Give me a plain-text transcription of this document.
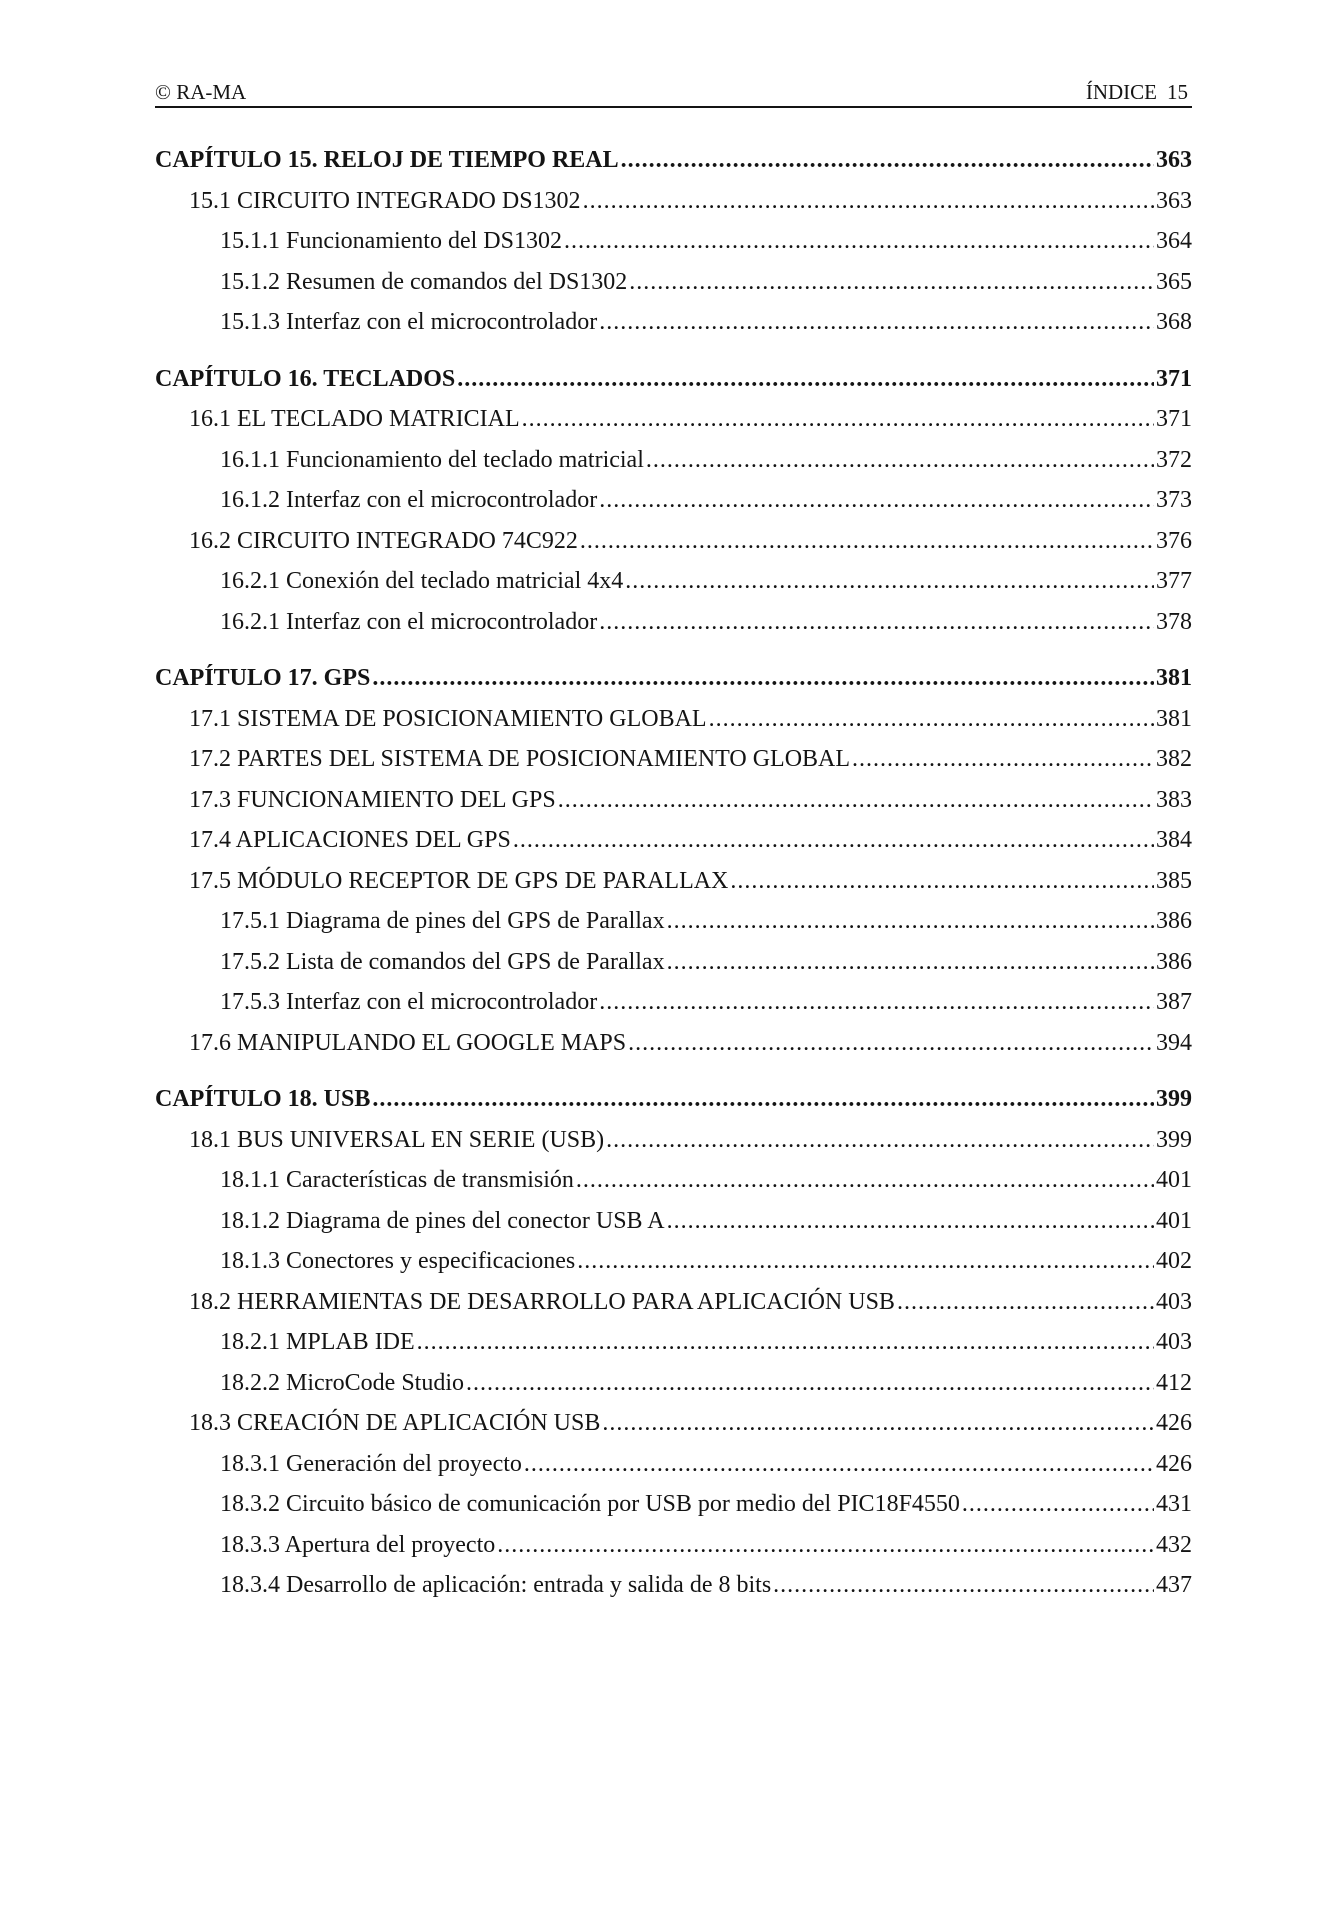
© RA-MA	ÍNDICE 15
CAPÍTULO 15. RELOJ DE TIEMPO REAL .....	363
15.1 CIRCUITO INTEGRADO DS1302 .....	363
15.1.1 Funcionamiento del DS1302 .....	364
15.1.2 Resumen de comandos del DS1302 .....	365
15.1.3 Interfaz con el microcontrolador .....	368
CAPÍTULO 16. TECLADOS .....	371
16.1 EL TECLADO MATRICIAL .....	371
16.1.1 Funcionamiento del teclado matricial .....	372
16.1.2 Interfaz con el microcontrolador .....	373
16.2 CIRCUITO INTEGRADO 74C922 .....	376
16.2.1 Conexión del teclado matricial 4x4 .....	377
16.2.1 Interfaz con el microcontrolador .....	378
CAPÍTULO 17. GPS .....	381
17.1 SISTEMA DE POSICIONAMIENTO GLOBAL .....	381
17.2 PARTES DEL SISTEMA DE POSICIONAMIENTO GLOBAL .....	382
17.3 FUNCIONAMIENTO DEL GPS .....	383
17.4 APLICACIONES DEL GPS .....	384
17.5 MÓDULO RECEPTOR DE GPS DE PARALLAX .....	385
17.5.1 Diagrama de pines del GPS de Parallax .....	386
17.5.2 Lista de comandos del GPS de Parallax .....	386
17.5.3 Interfaz con el microcontrolador .....	387
17.6 MANIPULANDO EL GOOGLE MAPS .....	394
CAPÍTULO 18. USB .....	399
18.1 BUS UNIVERSAL EN SERIE (USB) .....	399
18.1.1 Características de transmisión .....	401
18.1.2 Diagrama de pines del conector USB A .....	401
18.1.3 Conectores y especificaciones .....	402
18.2 HERRAMIENTAS DE DESARROLLO PARA APLICACIÓN USB .....	403
18.2.1 MPLAB IDE .....	403
18.2.2 MicroCode Studio .....	412
18.3 CREACIÓN DE APLICACIÓN USB .....	426
18.3.1 Generación del proyecto .....	426
18.3.2 Circuito básico de comunicación por USB por medio del PIC18F4550 .....	431
18.3.3 Apertura del proyecto .....	432
18.3.4 Desarrollo de aplicación: entrada y salida de 8 bits .....	437
